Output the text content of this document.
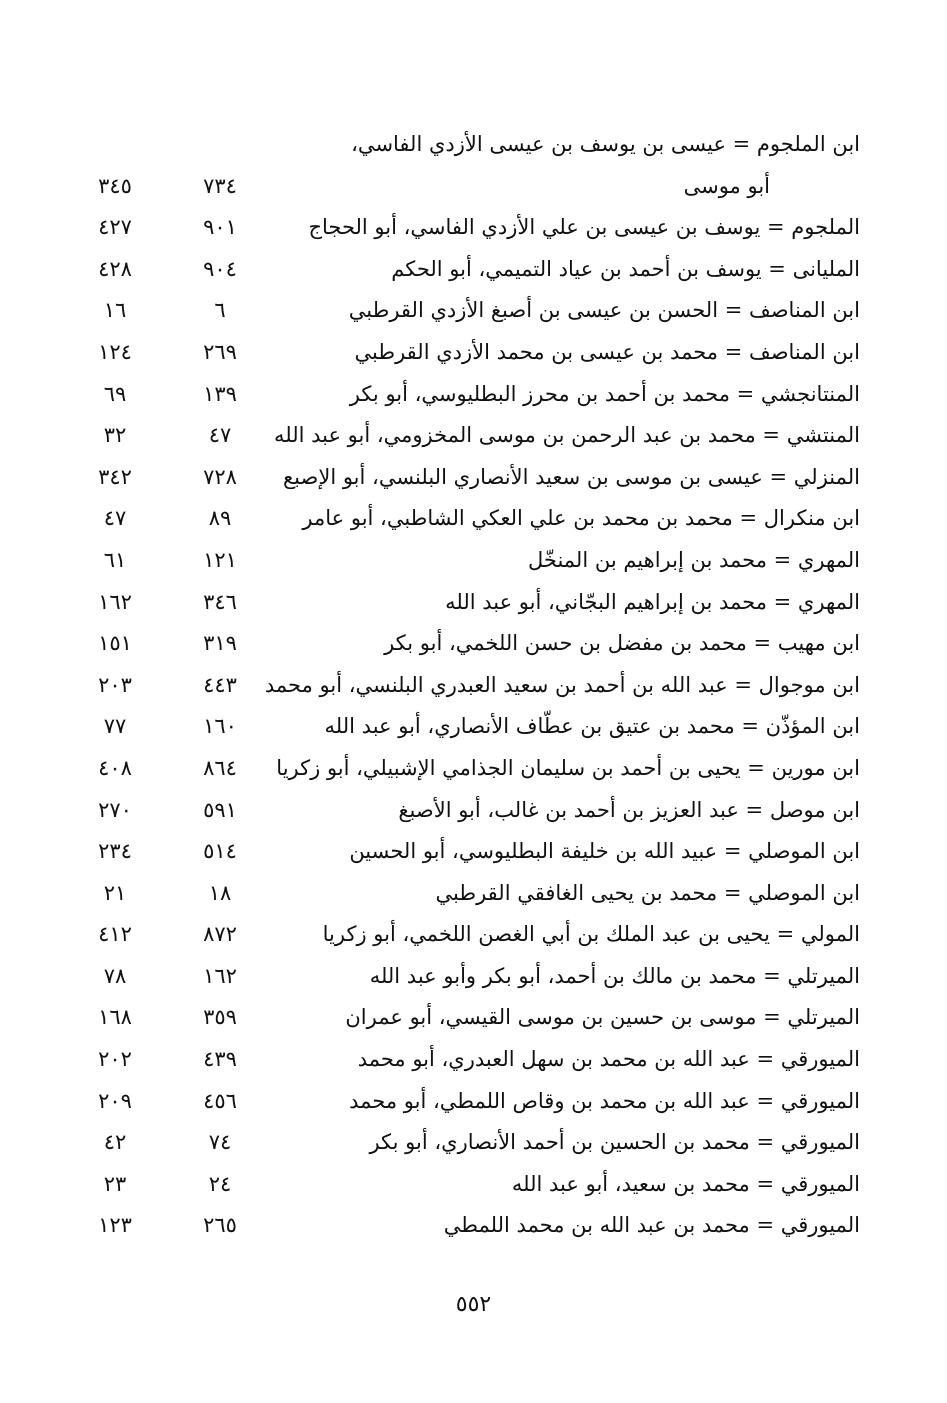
ابن الملجوم = عيسى بن يوسف بن عيسى الأزدي الفاسي،
أبو موسى
٧٣٤
٣٤٥
الملجوم = يوسف بن عيسى بن علي الأزدي الفاسي، أبو الحجاج
٩٠١
٤٢٧
المليانى = يوسف بن أحمد بن عياد التميمي، أبو الحكم
٩٠٤
٤٢٨
ابن المناصف = الحسن بن عيسى بن أصبغ الأزدي القرطبي
٦
١٦
ابن المناصف = محمد بن عيسى بن محمد الأزدي القرطبي
٢٦٩
١٢٤
المنتانجشي = محمد بن أحمد بن محرز البطليوسي، أبو بكر
١٣٩
٦٩
المنتشي = محمد بن عبد الرحمن بن موسى المخزومي، أبو عبد الله
٤٧
٣٢
المنزلي = عيسى بن موسى بن سعيد الأنصاري البلنسي، أبو الإصبع
٧٢٨
٣٤٢
ابن منكرال = محمد بن محمد بن علي العكي الشاطبي، أبو عامر
٨٩
٤٧
المهري = محمد بن إبراهيم بن المنخّل
١٢١
٦١
المهري = محمد بن إبراهيم البجّاني، أبو عبد الله
٣٤٦
١٦٢
ابن مهيب = محمد بن مفضل بن حسن اللخمي، أبو بكر
٣١٩
١٥١
ابن موجوال = عبد الله بن أحمد بن سعيد العبدري البلنسي، أبو محمد
٤٤٣
٢٠٣
ابن المؤذّن = محمد بن عتيق بن عطّاف الأنصاري، أبو عبد الله
١٦٠
٧٧
ابن مورين = يحيى بن أحمد بن سليمان الجذامي الإشبيلي، أبو زكريا
٨٦٤
٤٠٨
ابن موصل = عبد العزيز بن أحمد بن غالب، أبو الأصبغ
٥٩١
٢٧٠
ابن الموصلي = عبيد الله بن خليفة البطليوسي، أبو الحسين
٥١٤
٢٣٤
ابن الموصلي = محمد بن يحيى الغافقي القرطبي
١٨
٢١
المولي = يحيى بن عبد الملك بن أبي الغصن اللخمي، أبو زكريا
٨٧٢
٤١٢
الميرتلي = محمد بن مالك بن أحمد، أبو بكر وأبو عبد الله
١٦٢
٧٨
الميرتلي = موسى بن حسين بن موسى القيسي، أبو عمران
٣٥٩
١٦٨
الميورقي = عبد الله بن محمد بن سهل العبدري، أبو محمد
٤٣٩
٢٠٢
الميورقي = عبد الله بن محمد بن وقاص اللمطي، أبو محمد
٤٥٦
٢٠٩
الميورقي = محمد بن الحسين بن أحمد الأنصاري، أبو بكر
٧٤
٤٢
الميورقي = محمد بن سعيد، أبو عبد الله
٢٤
٢٣
الميورقي = محمد بن عبد الله بن محمد اللمطي
٢٦٥
١٢٣
٥٥٢
